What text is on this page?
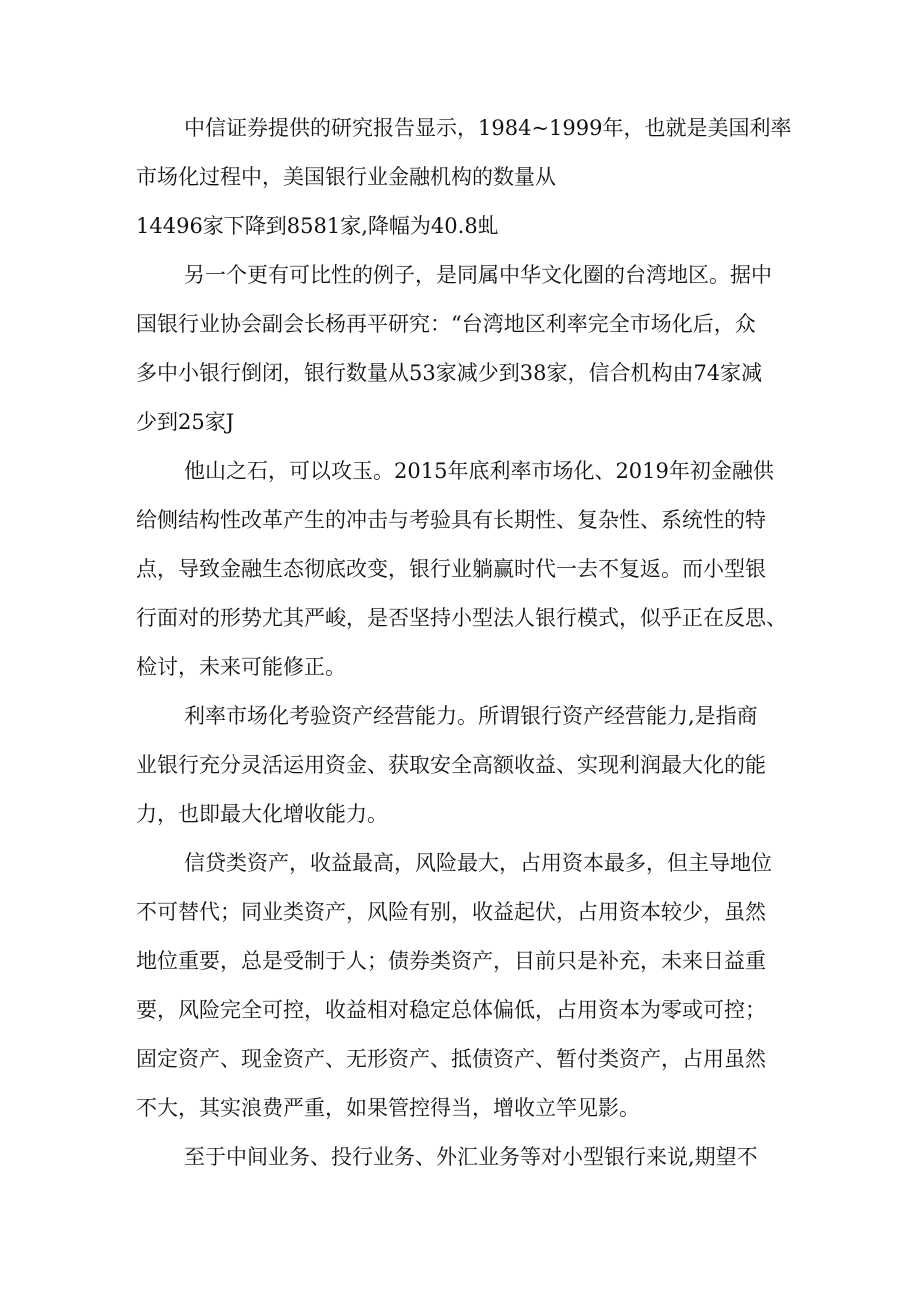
中信证券提供的研究报告显示，1984~1999年，也就是美国利率
市场化过程中，美国银行业金融机构的数量从
14496家下降到8581家,降幅为40.8虬
另一个更有可比性的例子，是同属中华文化圈的台湾地区。据中
国银行业协会副会长杨再平研究：“台湾地区利率完全市场化后，众
多中小银行倒闭，银行数量从53家减少到38家，信合机构由74家减
少到25家J
他山之石，可以攻玉。2015年底利率市场化、2019年初金融供
给侧结构性改革产生的冲击与考验具有长期性、复杂性、系统性的特
点，导致金融生态彻底改变，银行业躺赢时代一去不复返。而小型银
行面对的形势尤其严峻，是否坚持小型法人银行模式，似乎正在反思、
检讨，未来可能修正。
利率市场化考验资产经营能力。所谓银行资产经营能力,是指商
业银行充分灵活运用资金、获取安全高额收益、实现利润最大化的能
力，也即最大化增收能力。
信贷类资产，收益最高，风险最大，占用资本最多，但主导地位
不可替代；同业类资产，风险有别，收益起伏，占用资本较少，虽然
地位重要，总是受制于人；债券类资产，目前只是补充，未来日益重
要，风险完全可控，收益相对稳定总体偏低，占用资本为零或可控；
固定资产、现金资产、无形资产、抵债资产、暂付类资产，占用虽然
不大，其实浪费严重，如果管控得当，增收立竿见影。
至于中间业务、投行业务、外汇业务等对小型银行来说,期望不
